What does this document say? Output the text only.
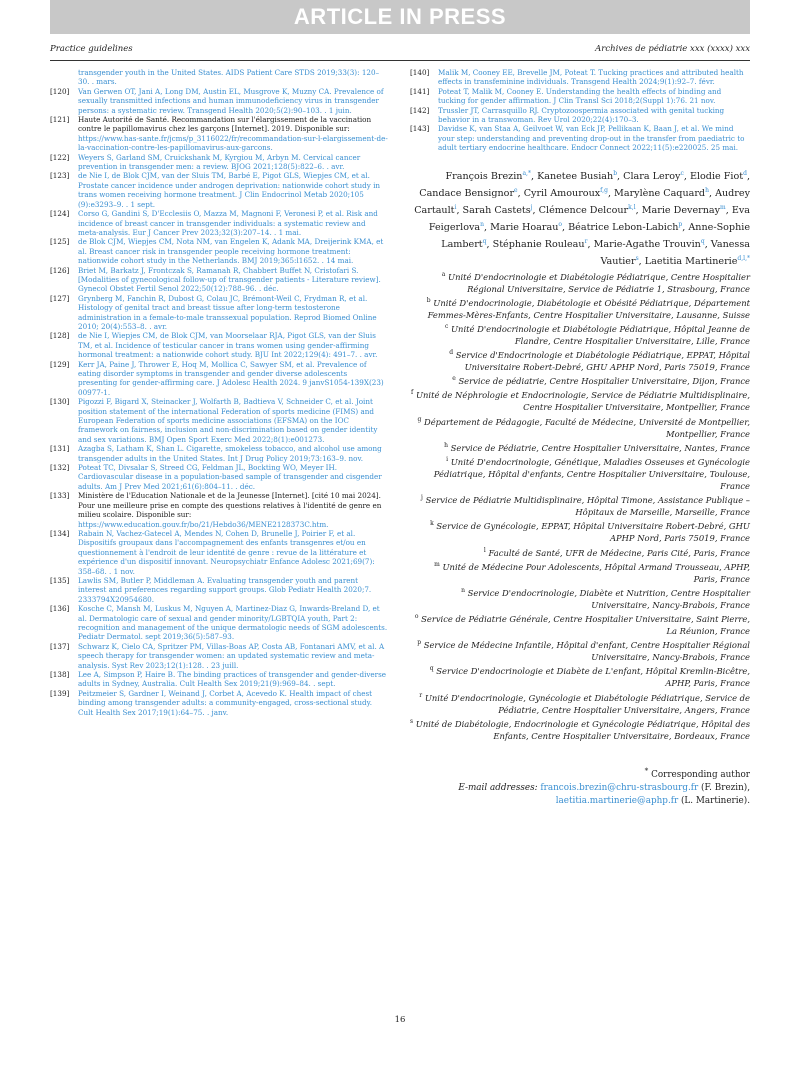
ARTICLE IN PRESS
Practice guidelines	Archives de pédiatrie xxx (xxxx) xxx
transgender youth in the United States. AIDS Patient Care STDS 2019;33(3): 120–30. . mars.
[120]	Van Gerwen OT, Jani A, Long DM, Austin EL, Musgrove K, Muzny CA. Prevalence of sexually transmitted infections and human immunodeficiency virus in transgender persons: a systematic review. Transgend Health 2020;5(2):90–103. . 1 juin.
[121]	Haute Autorité de Santé. Recommandation sur l'élargissement de la vaccination contre le papillomavirus chez les garçons [Internet]. 2019. Disponible sur: https://www.has-sante.fr/jcms/p_3116022/fr/recommandation-sur-l-elargissement-de-la-vaccination-contre-les-papillomavirus-aux-garcons.
[122]	Weyers S, Garland SM, Cruickshank M, Kyrgiou M, Arbyn M. Cervical cancer prevention in transgender men: a review. BJOG 2021;128(5):822–6. . avr.
[123]	de Nie I, de Blok CJM, van der Sluis TM, Barbé E, Pigot GLS, Wiepjes CM, et al. Prostate cancer incidence under androgen deprivation: nationwide cohort study in trans women receiving hormone treatment. J Clin Endocrinol Metab 2020;105 (9):e3293–9. . 1 sept.
[124]	Corso G, Gandini S, D'Ecclesiis O, Mazza M, Magnoni F, Veronesi P, et al. Risk and incidence of breast cancer in transgender individuals: a systematic review and meta-analysis. Eur J Cancer Prev 2023;32(3):207–14. . 1 mai.
[125]	de Blok CJM, Wiepjes CM, Nota NM, van Engelen K, Adank MA, Dreijerink KMA, et al. Breast cancer risk in transgender people receiving hormone treatment: nationwide cohort study in the Netherlands. BMJ 2019;365:l1652. . 14 mai.
[126]	Briet M, Barkatz J, Frontczak S, Ramanah R, Chabbert Buffet N, Cristofari S. [Modalities of gynecological follow-up of transgender patients - Literature review]. Gynecol Obstet Fertil Senol 2022;50(12):788–96. . déc.
[127]	Grynberg M, Fanchin R, Dubost G, Colau JC, Brémont-Weil C, Frydman R, et al. Histology of genital tract and breast tissue after long-term testosterone administration in a female-to-male transsexual population. Reprod Biomed Online 2010; 20(4):553–8. . avr.
[128]	de Nie I, Wiepjes CM, de Blok CJM, van Moorselaar RJA, Pigot GLS, van der Sluis TM, et al. Incidence of testicular cancer in trans women using gender-affirming hormonal treatment: a nationwide cohort study. BJU Int 2022;129(4): 491–7. . avr.
[129]	Kerr JA, Paine J, Thrower E, Hoq M, Mollica C, Sawyer SM, et al. Prevalence of eating disorder symptoms in transgender and gender diverse adolescents presenting for gender-affirming care. J Adolesc Health 2024. 9 janvS1054-139X(23) 00977-1.
[130]	Pigozzi F, Bigard X, Steinacker J, Wolfarth B, Badtieva V, Schneider C, et al. Joint position statement of the international Federation of sports medicine (FIMS) and European Federation of sports medicine associations (EFSMA) on the IOC framework on fairness, inclusion and non-discrimination based on gender identity and sex variations. BMJ Open Sport Exerc Med 2022;8(1):e001273.
[131]	Azagba S, Latham K, Shan L. Cigarette, smokeless tobacco, and alcohol use among transgender adults in the United States. Int J Drug Policy 2019;73:163–9. nov.
[132]	Poteat TC, Divsalar S, Streed CG, Feldman JL, Bockting WO, Meyer IH. Cardiovascular disease in a population-based sample of transgender and cisgender adults. Am J Prev Med 2021;61(6):804–11. . déc.
[133]	Ministère de l'Education Nationale et de la Jeunesse [Internet]. [cité 10 mai 2024]. Pour une meilleure prise en compte des questions relatives à l'identité de genre en milieu scolaire. Disponible sur: https://www.education.gouv.fr/bo/21/Hebdo36/MENE2128373C.htm.
[134]	Rabain N, Vachez-Gatecel A, Mendes N, Cohen D, Brunelle J, Poirier F, et al. Dispositifs groupaux dans l'accompagnement des enfants transgenres et/ou en questionnement à l'endroit de leur identité de genre : revue de la littérature et expérience d'un dispositif innovant. Neuropsychiatr Enfance Adolesc 2021;69(7): 358–68. . 1 nov.
[135]	Lawlis SM, Butler P, Middleman A. Evaluating transgender youth and parent interest and preferences regarding support groups. Glob Pediatr Health 2020;7. 2333794X20954680.
[136]	Kosche C, Mansh M, Luskus M, Nguyen A, Martinez-Diaz G, Inwards-Breland D, et al. Dermatologic care of sexual and gender minority/LGBTQIA youth, Part 2: recognition and management of the unique dermatologic needs of SGM adolescents. Pediatr Dermatol. sept 2019;36(5):587–93.
[137]	Schwarz K, Cielo CA, Spritzer PM, Villas-Boas AP, Costa AB, Fontanari AMV, et al. A speech therapy for transgender women: an updated systematic review and meta-analysis. Syst Rev 2023;12(1):128. . 23 juill.
[138]	Lee A, Simpson P, Haire B. The binding practices of transgender and gender-diverse adults in Sydney, Australia. Cult Health Sex 2019;21(9):969–84. . sept.
[139]	Peitzmeier S, Gardner I, Weinand J, Corbet A, Acevedo K. Health impact of chest binding among transgender adults: a community-engaged, cross-sectional study. Cult Health Sex 2017;19(1):64–75. . janv.
[140]	Malik M, Cooney EE, Brevelle JM, Poteat T. Tucking practices and attributed health effects in transfeminine individuals. Transgend Health 2024;9(1):92–7. févr.
[141]	Poteat T, Malik M, Cooney E. Understanding the health effects of binding and tucking for gender affirmation. J Clin Transl Sci 2018;2(Suppl 1):76. 21 nov.
[142]	Trussler JT, Carrasquillo RJ. Cryptozoospermia associated with genital tucking behavior in a transwoman. Rev Urol 2020;22(4):170–3.
[143]	Davidse K, van Staa A, Geilvoet W, van Eck JP, Pellikaan K, Baan J, et al. We mind your step: understanding and preventing drop-out in the transfer from paediatric to adult tertiary endocrine healthcare. Endocr Connect 2022;11(5):e220025. 25 mai.
François Brezin$^{a,*}$, Kanetee Busiah$^b$, Clara Leroy$^c$, Elodie Fiot$^d$, Candace Bensignor$^e$, Cyril Amouroux$^{f,g}$, Marylène Caquard$^h$, Audrey Cartault$^i$, Sarah Castets$^j$, Clémence Delcour$^{k,l}$, Marie Devernay$^m$, Eva Feigerlova$^n$, Marie Hoarau$^o$, Béatrice Lebon-Labich$^p$, Anne-Sophie Lambert$^q$, Stéphanie Rouleau$^r$, Marie-Agathe Trouvin$^q$, Vanessa Vautier$^s$, Laetitia Martinerie$^{d,l,*}$
$^a$ Unité D'endocrinologie et Diabétologie Pédiatrique, Centre Hospitalier Régional Universitaire, Service de Pédiatrie 1, Strasbourg, France
$^b$ Unité D'endocrinologie, Diabétologie et Obésité Pédiatrique, Département Femmes-Mères-Enfants, Centre Hospitalier Universitaire, Lausanne, Suisse
$^c$ Unité D'endocrinologie et Diabétologie Pédiatrique, Hôpital Jeanne de Flandre, Centre Hospitalier Universitaire, Lille, France
$^d$ Service d'Endocrinologie et Diabétologie Pédiatrique, EPPAT, Hôpital Universitaire Robert-Debré, GHU APHP Nord, Paris 75019, France
$^e$ Service de pédiatrie, Centre Hospitalier Universitaire, Dijon, France
$^f$ Unité de Néphrologie et Endocrinologie, Service de Pédiatrie Multidisplinaire, Centre Hospitalier Universitaire, Montpellier, France
$^g$ Département de Pédagogie, Faculté de Médecine, Université de Montpellier, Montpellier, France
$^h$ Service de Pédiatrie, Centre Hospitalier Universitaire, Nantes, France
$^i$ Unité D'endocrinologie, Génétique, Maladies Osseuses et Gynécologie Pédiatrique, Hôpital d'enfants, Centre Hospitalier Universitaire, Toulouse, France
$^j$ Service de Pédiatrie Multidisplinaire, Hôpital Timone, Assistance Publique – Hôpitaux de Marseille, Marseille, France
$^k$ Service de Gynécologie, EPPAT, Hôpital Universitaire Robert-Debré, GHU APHP Nord, Paris 75019, France
$^l$ Faculté de Santé, UFR de Médecine, Paris Cité, Paris, France
$^m$ Unité de Médecine Pour Adolescents, Hôpital Armand Trousseau, APHP, Paris, France
$^n$ Service D'endocrinologie, Diabète et Nutrition, Centre Hospitalier Universitaire, Nancy-Brabois, France
$^o$ Service de Pédiatrie Générale, Centre Hospitalier Universitaire, Saint Pierre, La Réunion, France
$^p$ Service de Médecine Infantile, Hôpital d'enfant, Centre Hospitalier Régional Universitaire, Nancy-Brabois, France
$^q$ Service D'endocrinologie et Diabète de L'enfant, Hôpital Kremlin-Bicêtre, APHP, Paris, France
$^r$ Unité D'endocrinologie, Gynécologie et Diabétologie Pédiatrique, Service de Pédiatrie, Centre Hospitalier Universitaire, Angers, France
$^s$ Unité de Diabétologie, Endocrinologie et Gynécologie Pédiatrique, Hôpital des Enfants, Centre Hospitalier Universitaire, Bordeaux, France
* Corresponding author
E-mail addresses: francois.brezin@chru-strasbourg.fr (F. Brezin),
laetitia.martinerie@aphp.fr (L. Martinerie).
16
